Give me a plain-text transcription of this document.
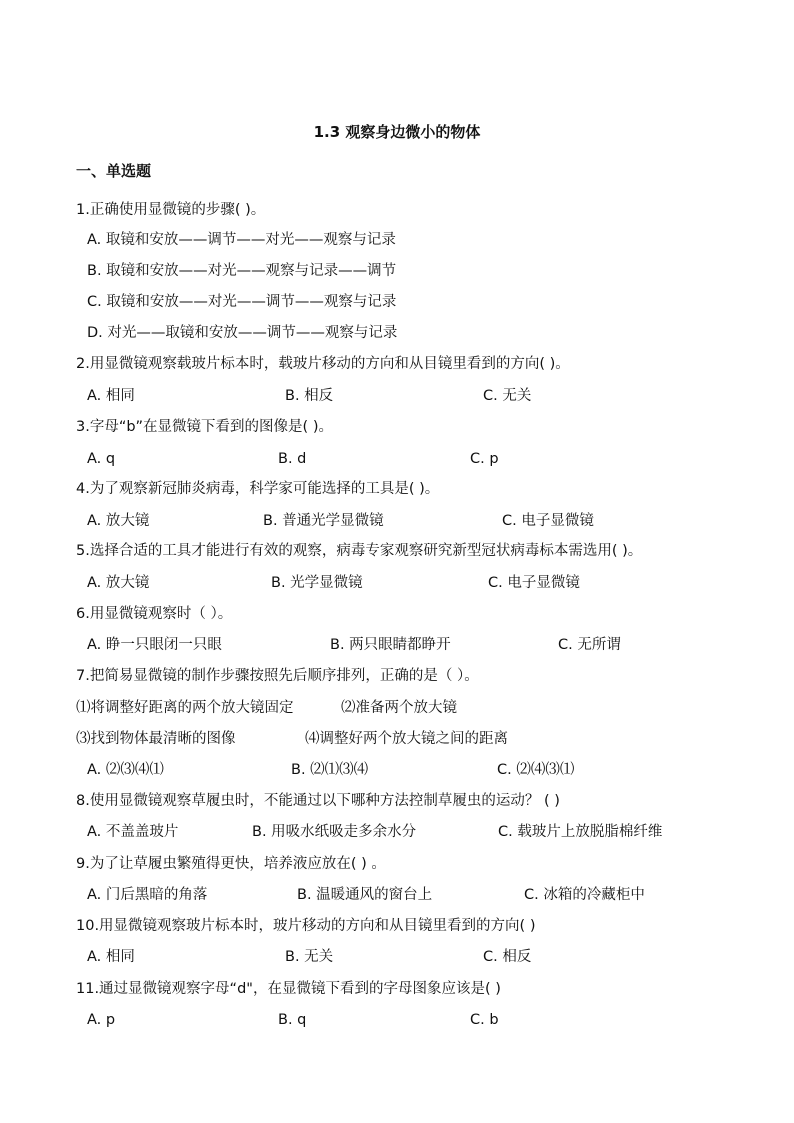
1.3 观察身边微小的物体
一、单选题
1.正确使用显微镜的步骤( )。
A. 取镜和安放——调节——对光——观察与记录
B. 取镜和安放——对光——观察与记录——调节
C. 取镜和安放——对光——调节——观察与记录
D. 对光——取镜和安放——调节——观察与记录
2.用显微镜观察载玻片标本时，载玻片移动的方向和从目镜里看到的方向( )。
A. 相同	B. 相反	C. 无关
3.字母“b”在显微镜下看到的图像是( )。
A. q	B. d	C. p
4.为了观察新冠肺炎病毒，科学家可能选择的工具是( )。
A. 放大镜	B. 普通光学显微镜	C. 电子显微镜
5.选择合适的工具才能进行有效的观察，病毒专家观察研究新型冠状病毒标本需选用( )。
A. 放大镜	B. 光学显微镜	C. 电子显微镜
6.用显微镜观察时（ ）。
A. 睁一只眼闭一只眼	B. 两只眼睛都睁开	C. 无所谓
7.把简易显微镜的制作步骤按照先后顺序排列，正确的是（ ）。
⑴将调整好距离的两个放大镜固定	⑵准备两个放大镜
⑶找到物体最清晰的图像	⑷调整好两个放大镜之间的距离
A. ⑵⑶⑷⑴	B. ⑵⑴⑶⑷	C. ⑵⑷⑶⑴
8.使用显微镜观察草履虫时，不能通过以下哪种方法控制草履虫的运动？ ( )
A. 不盖盖玻片	B. 用吸水纸吸走多余水分	C. 载玻片上放脱脂棉纤维
9.为了让草履虫繁殖得更快，培养液应放在( ) 。
A. 门后黑暗的角落	B. 温暖通风的窗台上	C. 冰箱的冷藏柜中
10.用显微镜观察玻片标本时，玻片移动的方向和从目镜里看到的方向( )
A. 相同	B. 无关	C. 相反
11.通过显微镜观察字母“d"，在显微镜下看到的字母图象应该是( )
A. p	B. q	C. b
